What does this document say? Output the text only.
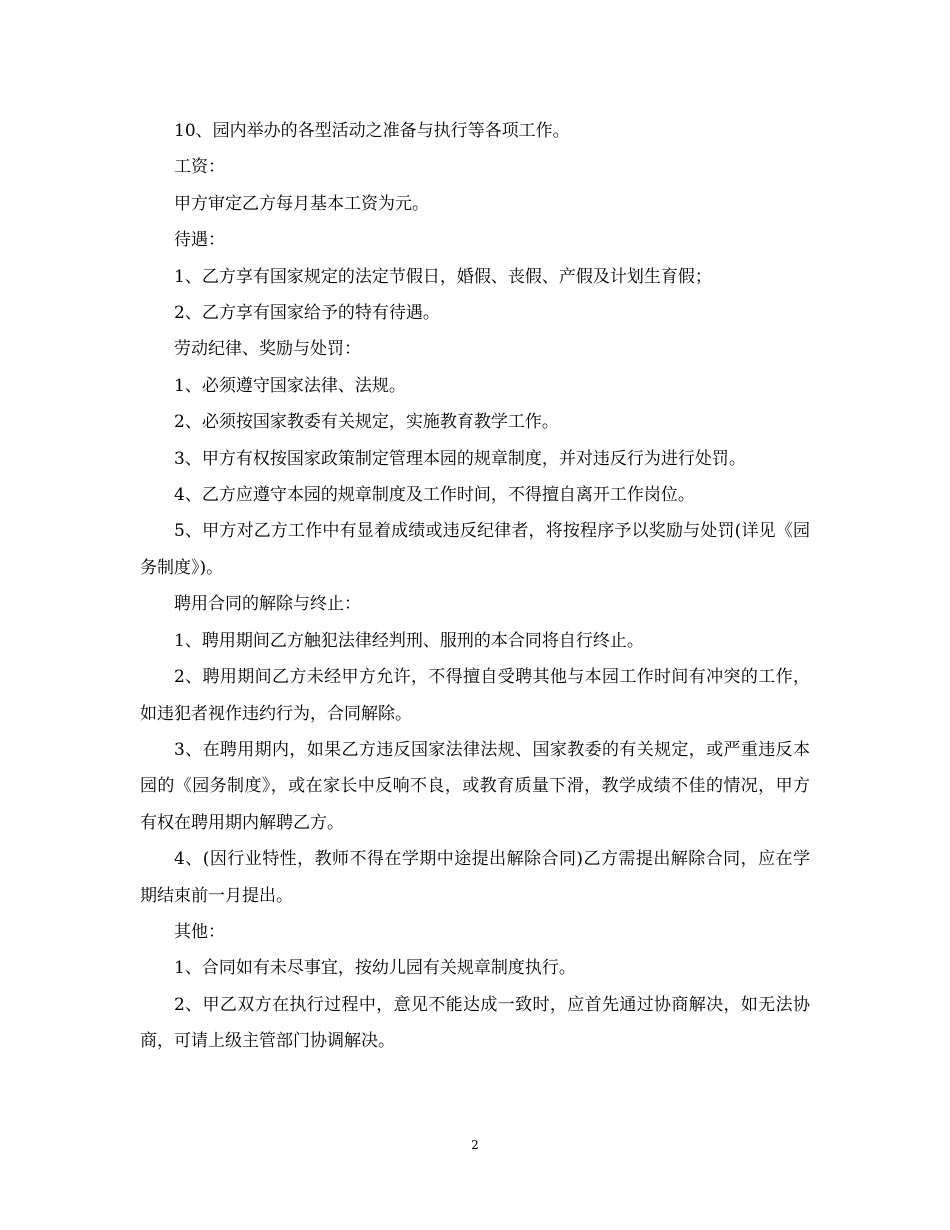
10、园内举办的各型活动之准备与执行等各项工作。

工资：

甲方审定乙方每月基本工资为元。

待遇：

1、乙方享有国家规定的法定节假日，婚假、丧假、产假及计划生育假；

2、乙方享有国家给予的特有待遇。

劳动纪律、奖励与处罚：

1、必须遵守国家法律、法规。

2、必须按国家教委有关规定，实施教育教学工作。

3、甲方有权按国家政策制定管理本园的规章制度，并对违反行为进行处罚。

4、乙方应遵守本园的规章制度及工作时间，不得擅自离开工作岗位。

5、甲方对乙方工作中有显着成绩或违反纪律者，将按程序予以奖励与处罚(详见《园务制度》)。

聘用合同的解除与终止：

1、聘用期间乙方触犯法律经判刑、服刑的本合同将自行终止。

2、聘用期间乙方未经甲方允许，不得擅自受聘其他与本园工作时间有冲突的工作，如违犯者视作违约行为，合同解除。

3、在聘用期内，如果乙方违反国家法律法规、国家教委的有关规定，或严重违反本园的《园务制度》，或在家长中反响不良，或教育质量下滑，教学成绩不佳的情况，甲方有权在聘用期内解聘乙方。

4、(因行业特性，教师不得在学期中途提出解除合同)乙方需提出解除合同，应在学期结束前一月提出。

其他：

1、合同如有未尽事宜，按幼儿园有关规章制度执行。

2、甲乙双方在执行过程中，意见不能达成一致时，应首先通过协商解决，如无法协商，可请上级主管部门协调解决。

2
